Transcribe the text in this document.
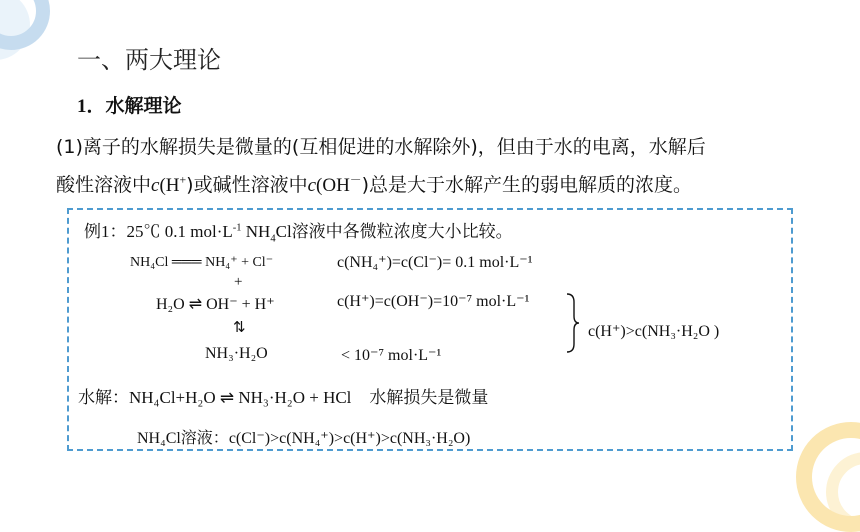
一、两大理论
1．水解理论
(1)离子的水解损失是微量的(互相促进的水解除外)，但由于水的电离，水解后
酸性溶液中c(H+)或碱性溶液中c(OH－)总是大于水解产生的弱电解质的浓度。
例1：25℃ 0.1 $mol\cdot L^{-1}$ $NH_4Cl$溶液中各微粒浓度大小比较。
NH₄Cl ═══ NH₄⁺ + Cl⁻	c(NH₄⁺)=c(Cl⁻)= 0.1 mol·L⁻¹
+
H₂O ⇌ OH⁻ + H⁺	c(H⁺)=c(OH⁻)=10⁻⁷ mol·L⁻¹
⇅
NH₃·H₂O	< 10⁻⁷ mol·L⁻¹
c(H⁺)>c(NH₃·H₂O )
水解：NH₄Cl+H₂O ⇌ NH₃·H₂O + HCl 水解损失是微量
NH₄Cl溶液：c(Cl⁻)>c(NH₄⁺)>c(H⁺)>c(NH₃·H₂O)
